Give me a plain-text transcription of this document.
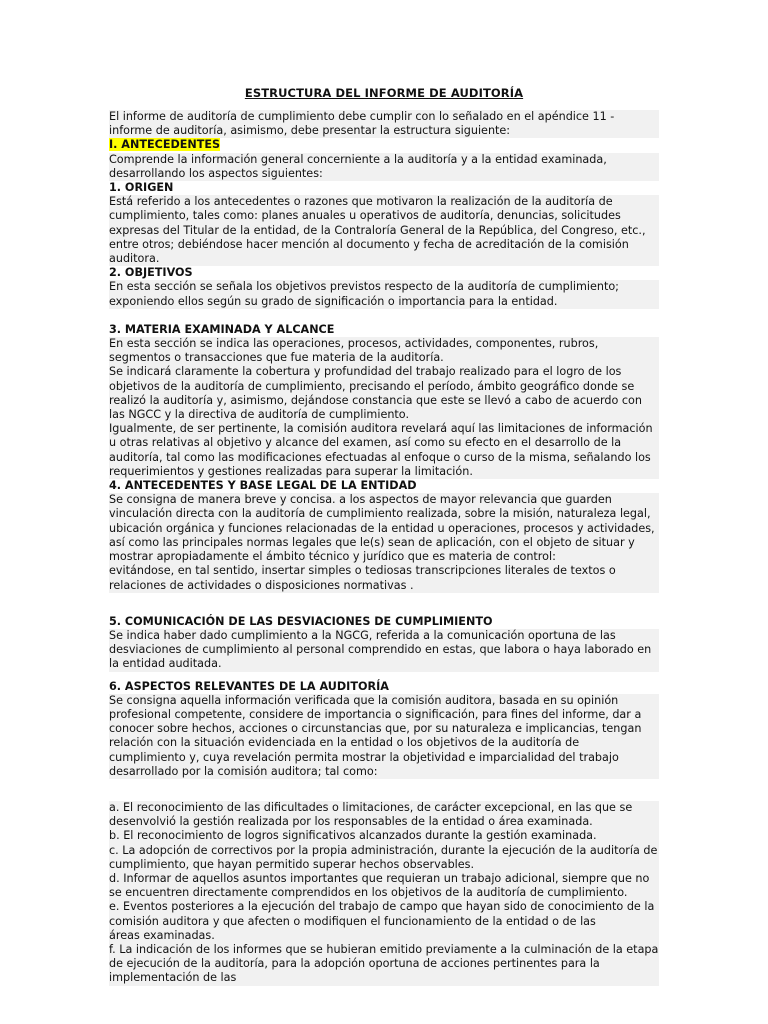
ESTRUCTURA DEL INFORME DE AUDITORÍA

El informe de auditoría de cumplimiento debe cumplir con lo señalado en el apéndice 11 - informe de auditoría, asimismo, debe presentar la estructura siguiente:

I. ANTECEDENTES

Comprende la información general concerniente a la auditoría y a la entidad examinada, desarrollando los aspectos siguientes:

1. ORIGEN

Está referido a los antecedentes o razones que motivaron la realización de la auditoría de cumplimiento, tales como: planes anuales u operativos de auditoría, denuncias, solicitudes expresas del Titular de la entidad, de la Contraloría General de la República, del Congreso, etc., entre otros; debiéndose hacer mención al documento y fecha de acreditación de la comisión auditora.

2. OBJETIVOS

En esta sección se señala los objetivos previstos respecto de la auditoría de cumplimiento; exponiendo ellos según su grado de significación o importancia para la entidad.

3. MATERIA EXAMINADA Y ALCANCE

En esta sección se indica las operaciones, procesos, actividades, componentes, rubros, segmentos o transacciones que fue materia de la auditoría.

Se indicará claramente la cobertura y profundidad del trabajo realizado para el logro de los objetivos de la auditoría de cumplimiento, precisando el período, ámbito geográfico donde se realizó la auditoría y, asimismo, dejándose constancia que este se llevó a cabo de acuerdo con las NGCC y la directiva de auditoría de cumplimiento.

Igualmente, de ser pertinente, la comisión auditora revelará aquí las limitaciones de información u otras relativas al objetivo y alcance del examen, así como su efecto en el desarrollo de la auditoría, tal como las modificaciones efectuadas al enfoque o curso de la misma, señalando los requerimientos y gestiones realizadas para superar la limitación.

4. ANTECEDENTES Y BASE LEGAL DE LA ENTIDAD

Se consigna de manera breve y concisa. a los aspectos de mayor relevancia que guarden vinculación directa con la auditoría de cumplimiento realizada, sobre la misión, naturaleza legal, ubicación orgánica y funciones relacionadas de la entidad u operaciones, procesos y actividades, así como las principales normas legales que le(s) sean de aplicación, con el objeto de situar y mostrar apropiadamente el ámbito técnico y jurídico que es materia de control:

evitándose, en tal sentido, insertar simples o tediosas transcripciones literales de textos o relaciones de actividades o disposiciones normativas .

5. COMUNICACIÓN DE LAS DESVIACIONES DE CUMPLIMIENTO

Se indica haber dado cumplimiento a la NGCG, referida a la comunicación oportuna de las desviaciones de cumplimiento al personal comprendido en estas, que labora o haya laborado en la entidad auditada.

6. ASPECTOS RELEVANTES DE LA AUDITORÍA

Se consigna aquella información verificada que la comisión auditora, basada en su opinión profesional competente, considere de importancia o significación, para fines del informe, dar a conocer sobre hechos, acciones o circunstancias que, por su naturaleza e implicancias, tengan relación con la situación evidenciada en la entidad o los objetivos de la auditoría de cumplimiento y, cuya revelación permita mostrar la objetividad e imparcialidad del trabajo desarrollado por la comisión auditora; tal como:

a. El reconocimiento de las dificultades o limitaciones, de carácter excepcional, en las que se desenvolvió la gestión realizada por los responsables de la entidad o área examinada.

b. El reconocimiento de logros significativos alcanzados durante la gestión examinada.

c. La adopción de correctivos por la propia administración, durante la ejecución de la auditoría de cumplimiento, que hayan permitido superar hechos observables.

d. Informar de aquellos asuntos importantes que requieran un trabajo adicional, siempre que no se encuentren directamente comprendidos en los objetivos de la auditoría de cumplimiento.

e. Eventos posteriores a la ejecución del trabajo de campo que hayan sido de conocimiento de la comisión auditora y que afecten o modifiquen el funcionamiento de la entidad o de las

áreas examinadas.

f. La indicación de los informes que se hubieran emitido previamente a la culminación de la etapa de ejecución de la auditoría, para la adopción oportuna de acciones pertinentes para la implementación de las
